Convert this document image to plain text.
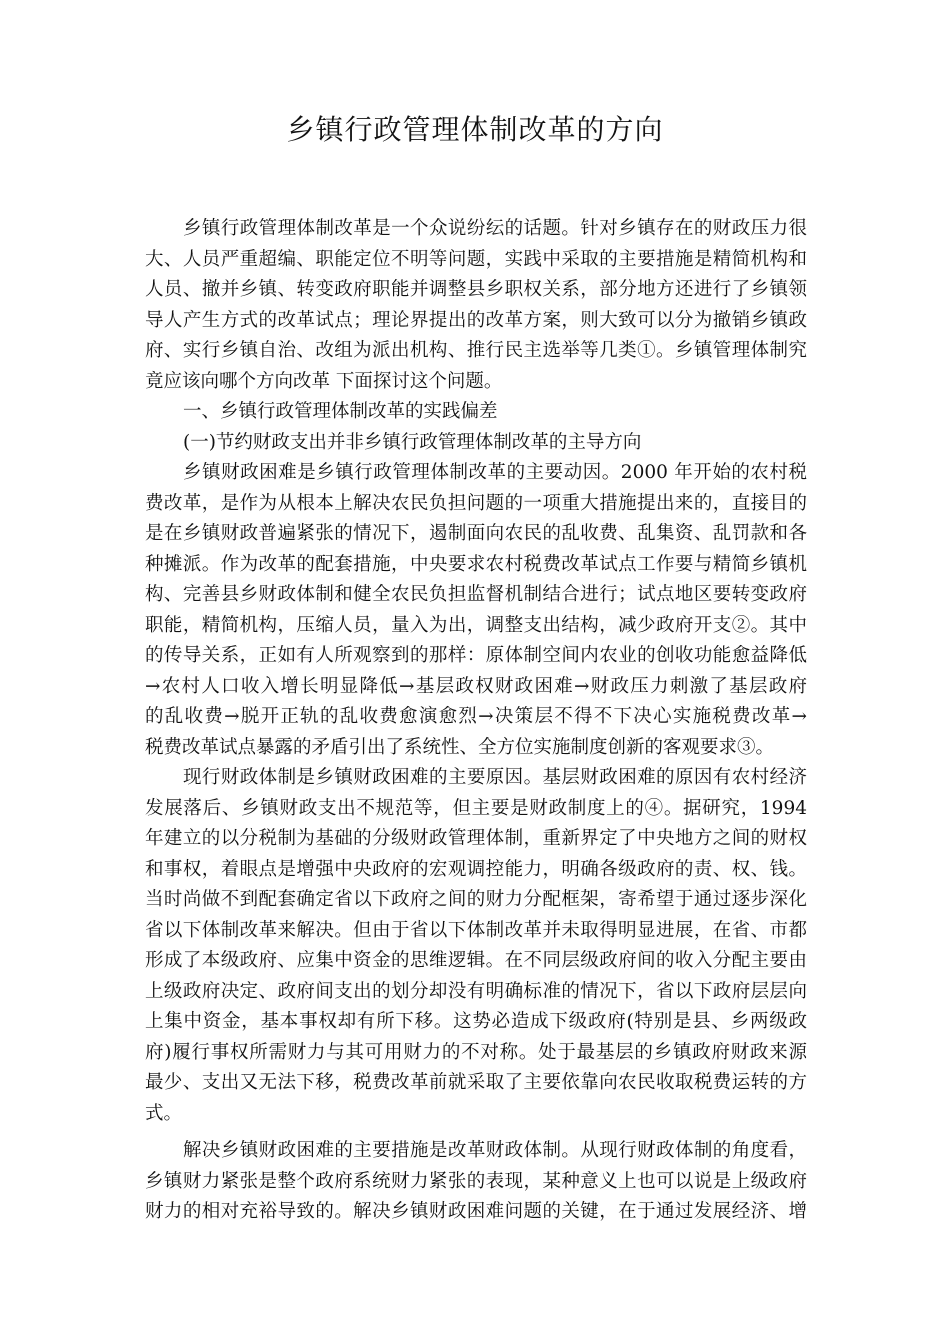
乡镇行政管理体制改革的方向
乡镇行政管理体制改革是一个众说纷纭的话题。针对乡镇存在的财政压力很
大、人员严重超编、职能定位不明等问题，实践中采取的主要措施是精简机构和
人员、撤并乡镇、转变政府职能并调整县乡职权关系，部分地方还进行了乡镇领
导人产生方式的改革试点；理论界提出的改革方案，则大致可以分为撤销乡镇政
府、实行乡镇自治、改组为派出机构、推行民主选举等几类①。乡镇管理体制究
竟应该向哪个方向改革 下面探讨这个问题。
一、乡镇行政管理体制改革的实践偏差
(一)节约财政支出并非乡镇行政管理体制改革的主导方向
乡镇财政困难是乡镇行政管理体制改革的主要动因。2000 年开始的农村税
费改革，是作为从根本上解决农民负担问题的一项重大措施提出来的，直接目的
是在乡镇财政普遍紧张的情况下，遏制面向农民的乱收费、乱集资、乱罚款和各
种摊派。作为改革的配套措施，中央要求农村税费改革试点工作要与精简乡镇机
构、完善县乡财政体制和健全农民负担监督机制结合进行；试点地区要转变政府
职能，精简机构，压缩人员，量入为出，调整支出结构，减少政府开支②。其中
的传导关系，正如有人所观察到的那样：原体制空间内农业的创收功能愈益降低
→农村人口收入增长明显降低→基层政权财政困难→财政压力刺激了基层政府
的乱收费→脱开正轨的乱收费愈演愈烈→决策层不得不下决心实施税费改革→
税费改革试点暴露的矛盾引出了系统性、全方位实施制度创新的客观要求③。
现行财政体制是乡镇财政困难的主要原因。基层财政困难的原因有农村经济
发展落后、乡镇财政支出不规范等，但主要是财政制度上的④。据研究，1994
年建立的以分税制为基础的分级财政管理体制，重新界定了中央地方之间的财权
和事权，着眼点是增强中央政府的宏观调控能力，明确各级政府的责、权、钱。
当时尚做不到配套确定省以下政府之间的财力分配框架，寄希望于通过逐步深化
省以下体制改革来解决。但由于省以下体制改革并未取得明显进展，在省、市都
形成了本级政府、应集中资金的思维逻辑。在不同层级政府间的收入分配主要由
上级政府决定、政府间支出的划分却没有明确标准的情况下，省以下政府层层向
上集中资金，基本事权却有所下移。这势必造成下级政府(特别是县、乡两级政
府)履行事权所需财力与其可用财力的不对称。处于最基层的乡镇政府财政来源
最少、支出又无法下移，税费改革前就采取了主要依靠向农民收取税费运转的方
式。
解决乡镇财政困难的主要措施是改革财政体制。从现行财政体制的角度看，
乡镇财力紧张是整个政府系统财力紧张的表现，某种意义上也可以说是上级政府
财力的相对充裕导致的。解决乡镇财政困难问题的关键，在于通过发展经济、增
